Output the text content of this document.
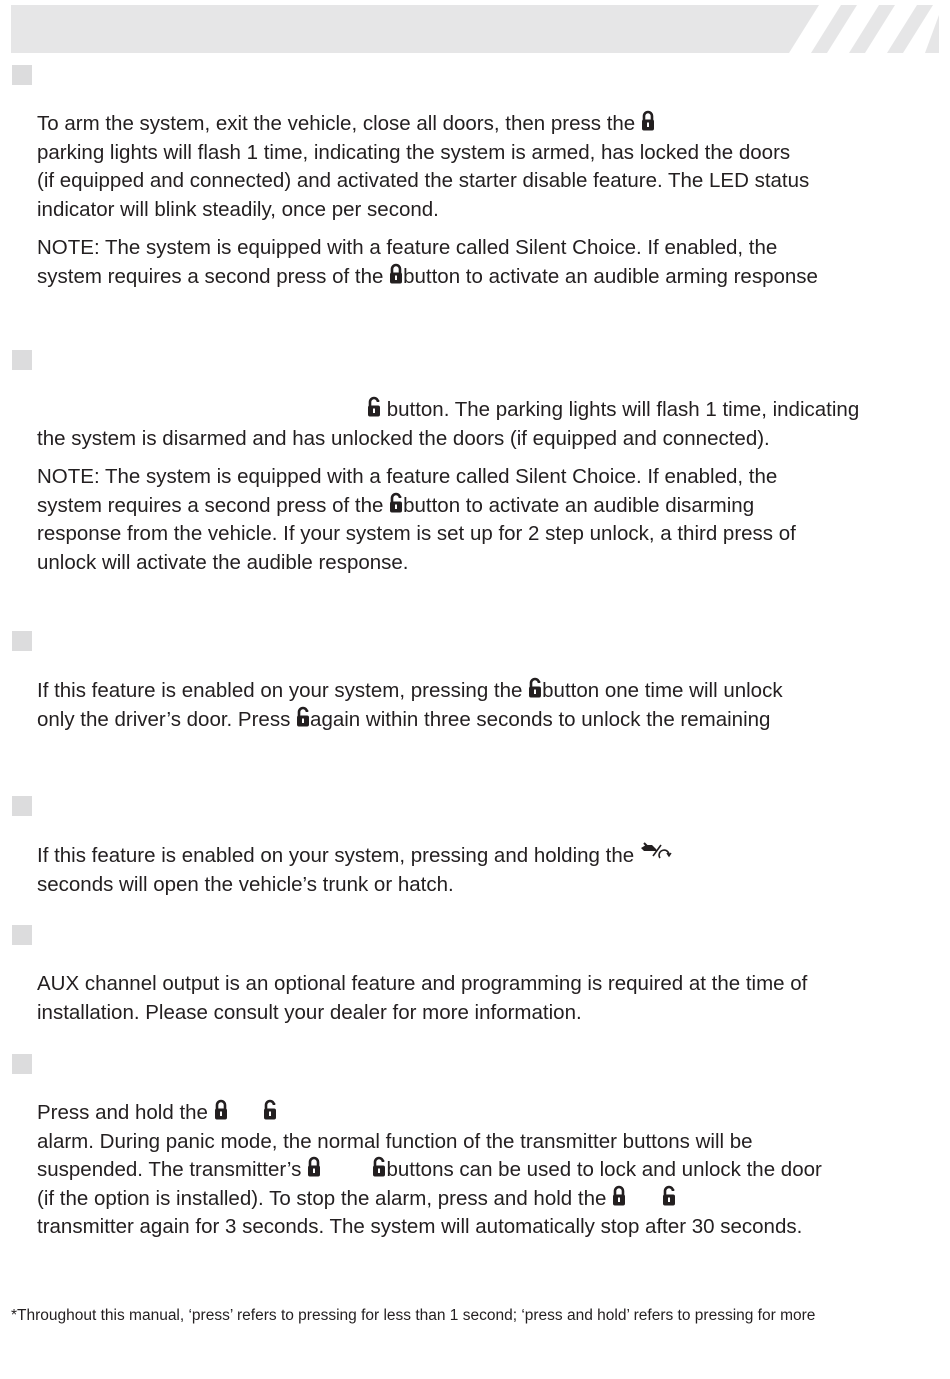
To arm the system, exit the vehicle, close all doors, then press the
parking lights will flash 1 time, indicating the system is armed, has locked the doors
(if equipped and connected) and activated the starter disable feature. The LED status
indicator will blink steadily, once per second.
NOTE: The system is equipped with a feature called Silent Choice. If enabled, the
system requires a second press of the button to activate an audible arming response
button. The parking lights will flash 1 time, indicating
the system is disarmed and has unlocked the doors (if equipped and connected).
NOTE: The system is equipped with a feature called Silent Choice. If enabled, the
system requires a second press of the button to activate an audible disarming
response from the vehicle. If your system is set up for 2 step unlock, a third press of
unlock will activate the audible response.
If this feature is enabled on your system, pressing the button one time will unlock
only the driver’s door. Press again within three seconds to unlock the remaining
If this feature is enabled on your system, pressing and holding the
seconds will open the vehicle’s trunk or hatch.
AUX channel output is an optional feature and programming is required at the time of
installation. Please consult your dealer for more information.
Press and hold the

alarm. During panic mode, the normal function of the transmitter buttons will be
suspended. The transmitter’s
	buttons can be used to lock and unlock the door
(if the option is installed). To stop the alarm, press and hold the

transmitter again for 3 seconds. The system will automatically stop after 30 seconds.
*Throughout this manual, ‘press’ refers to pressing for less than 1 second; ‘press and hold’ refers to pressing for more
